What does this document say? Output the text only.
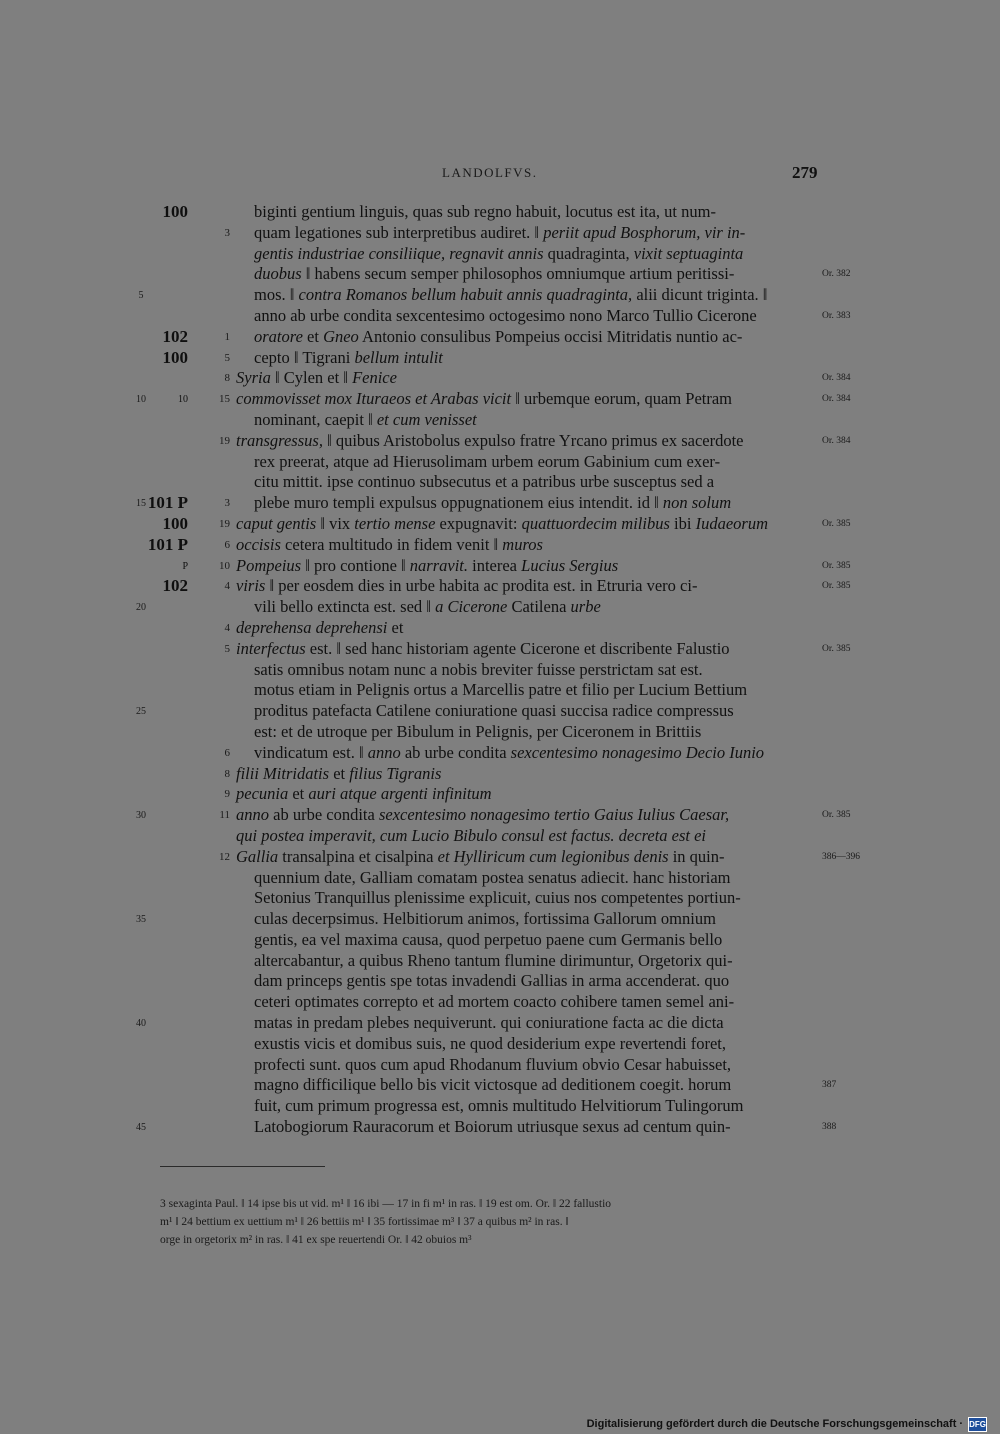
LANDOLFVS.	279
100	biginti gentium linguis, quas sub regno habuit, locutus est ita, ut num-
3 quam legationes sub interpretibus audiret. ‖ periit apud Bosphorum, vir in-
gentis industriae consiliique, regnavit annis quadraginta, vixit septuaginta
duobus ‖ habens secum semper philosophos omniumque artium peritissi-	Or. 382
5	mos. ‖ contra Romanos bellum habuit annis quadraginta, alii dicunt triginta. ‖
anno ab urbe condita sexcentesimo octogesimo nono Marco Tullio Cicerone	Or. 383
102	1 oratore et Gneo Antonio consulibus Pompeius occisi Mitridatis nuntio ac-
100	5 cepto ‖ Tigrani bellum intulit
8 Syria ‖ Cylen et ‖ Fenice	Or. 384
10	10	15 commovisset mox Ituraeos et Arabas vicit ‖ urbemque eorum, quam Petram	Or. 384
nominant, caepit ‖ et cum venisset
19 transgressus, ‖ quibus Aristobolus expulso fratre Yrcano primus ex sacerdote	Or. 384
rex preerat, atque ad Hierusolimam urbem eorum Gabinium cum exer-
citu mittit. ipse continuo subsecutus et a patribus urbe susceptus sed a
15 101 P	3 plebe muro templi expulsus oppugnationem eius intendit. id ‖ non solum
100	19 caput gentis ‖ vix tertio mense expugnavit: quattuordecim milibus ibi Iudaeorum	Or. 385
101 P	6 occisis cetera multitudo in fidem venit ‖ muros
P	10 Pompeius ‖ pro contione ‖ narravit. interea Lucius Sergius	Or. 385
102	4 viris ‖ per eosdem dies in urbe habita ac prodita est. in Etruria vero ci-	Or. 385
20	vili bello extincta est. sed ‖ a Cicerone Catilena urbe
4 deprehensa deprehensi et
5 interfectus est. ‖ sed hanc historiam agente Cicerone et discribente Falustio	Or. 385
satis omnibus notam nunc a nobis breviter fuisse perstrictam sat est.
motus etiam in Pelignis ortus a Marcellis patre et filio per Lucium Bettium
25	proditus patefacta Catilene coniuratione quasi succisa radice compressus
est: et de utroque per Bibulum in Pelignis, per Ciceronem in Brittiis
6 vindicatum est. ‖ anno ab urbe condita sexcentesimo nonagesimo Decio Iunio
8 filii Mitridatis et filius Tigranis
9 pecunia et auri atque argenti infinitum
30	11 anno ab urbe condita sexcentesimo nonagesimo tertio Gaius Iulius Caesar,	Or. 385
qui postea imperavit, cum Lucio Bibulo consul est factus. decreta est ei
12 Gallia transalpina et cisalpina et Hylliricum cum legionibus denis in quin-	386—396
quennium date, Galliam comatam postea senatus adiecit. hanc historiam
Setonius Tranquillus plenissime explicuit, cuius nos competentes portiun-
35	culas decerpsimus. Helbitiorum animos, fortissima Gallorum omnium
gentis, ea vel maxima causa, quod perpetuo paene cum Germanis bello
altercabantur, a quibus Rheno tantum flumine dirimuntur, Orgetorix qui-
dam princeps gentis spe totas invadendi Gallias in arma accenderat. quo
ceteri optimates correpto et ad mortem coacto cohibere tamen semel ani-
40	matas in predam plebes nequiverunt. qui coniuratione facta ac die dicta
exustis vicis et domibus suis, ne quod desiderium expe revertendi foret,
profecti sunt. quos cum apud Rhodanum fluvium obvio Cesar habuisset,
magno difficilique bello bis vicit victosque ad deditionem coegit. horum	387
fuit, cum primum progressa est, omnis multitudo Helvitiorum Tulingorum
45	Latobogiorum Rauracorum et Boiorum utriusque sexus ad centum quin-	388
3 sexaginta Paul. ‖ 14 ipse bis ut vid. m¹ ‖ 16 ibi — 17 in fi m¹ in ras. ‖ 19 est om. Or. ‖ 22 fallustio
m¹ ‖ 24 bettium ex uettium m¹ ‖ 26 bettiis m¹ ‖ 35 fortissimae m³ ‖ 37 a quibus m² in ras. ‖
orge in orgetorix m² in ras. ‖ 41 ex spe reuertendi Or. ‖ 42 obuios m³
Digitalisierung gefördert durch die Deutsche Forschungsgemeinschaft · DFG
